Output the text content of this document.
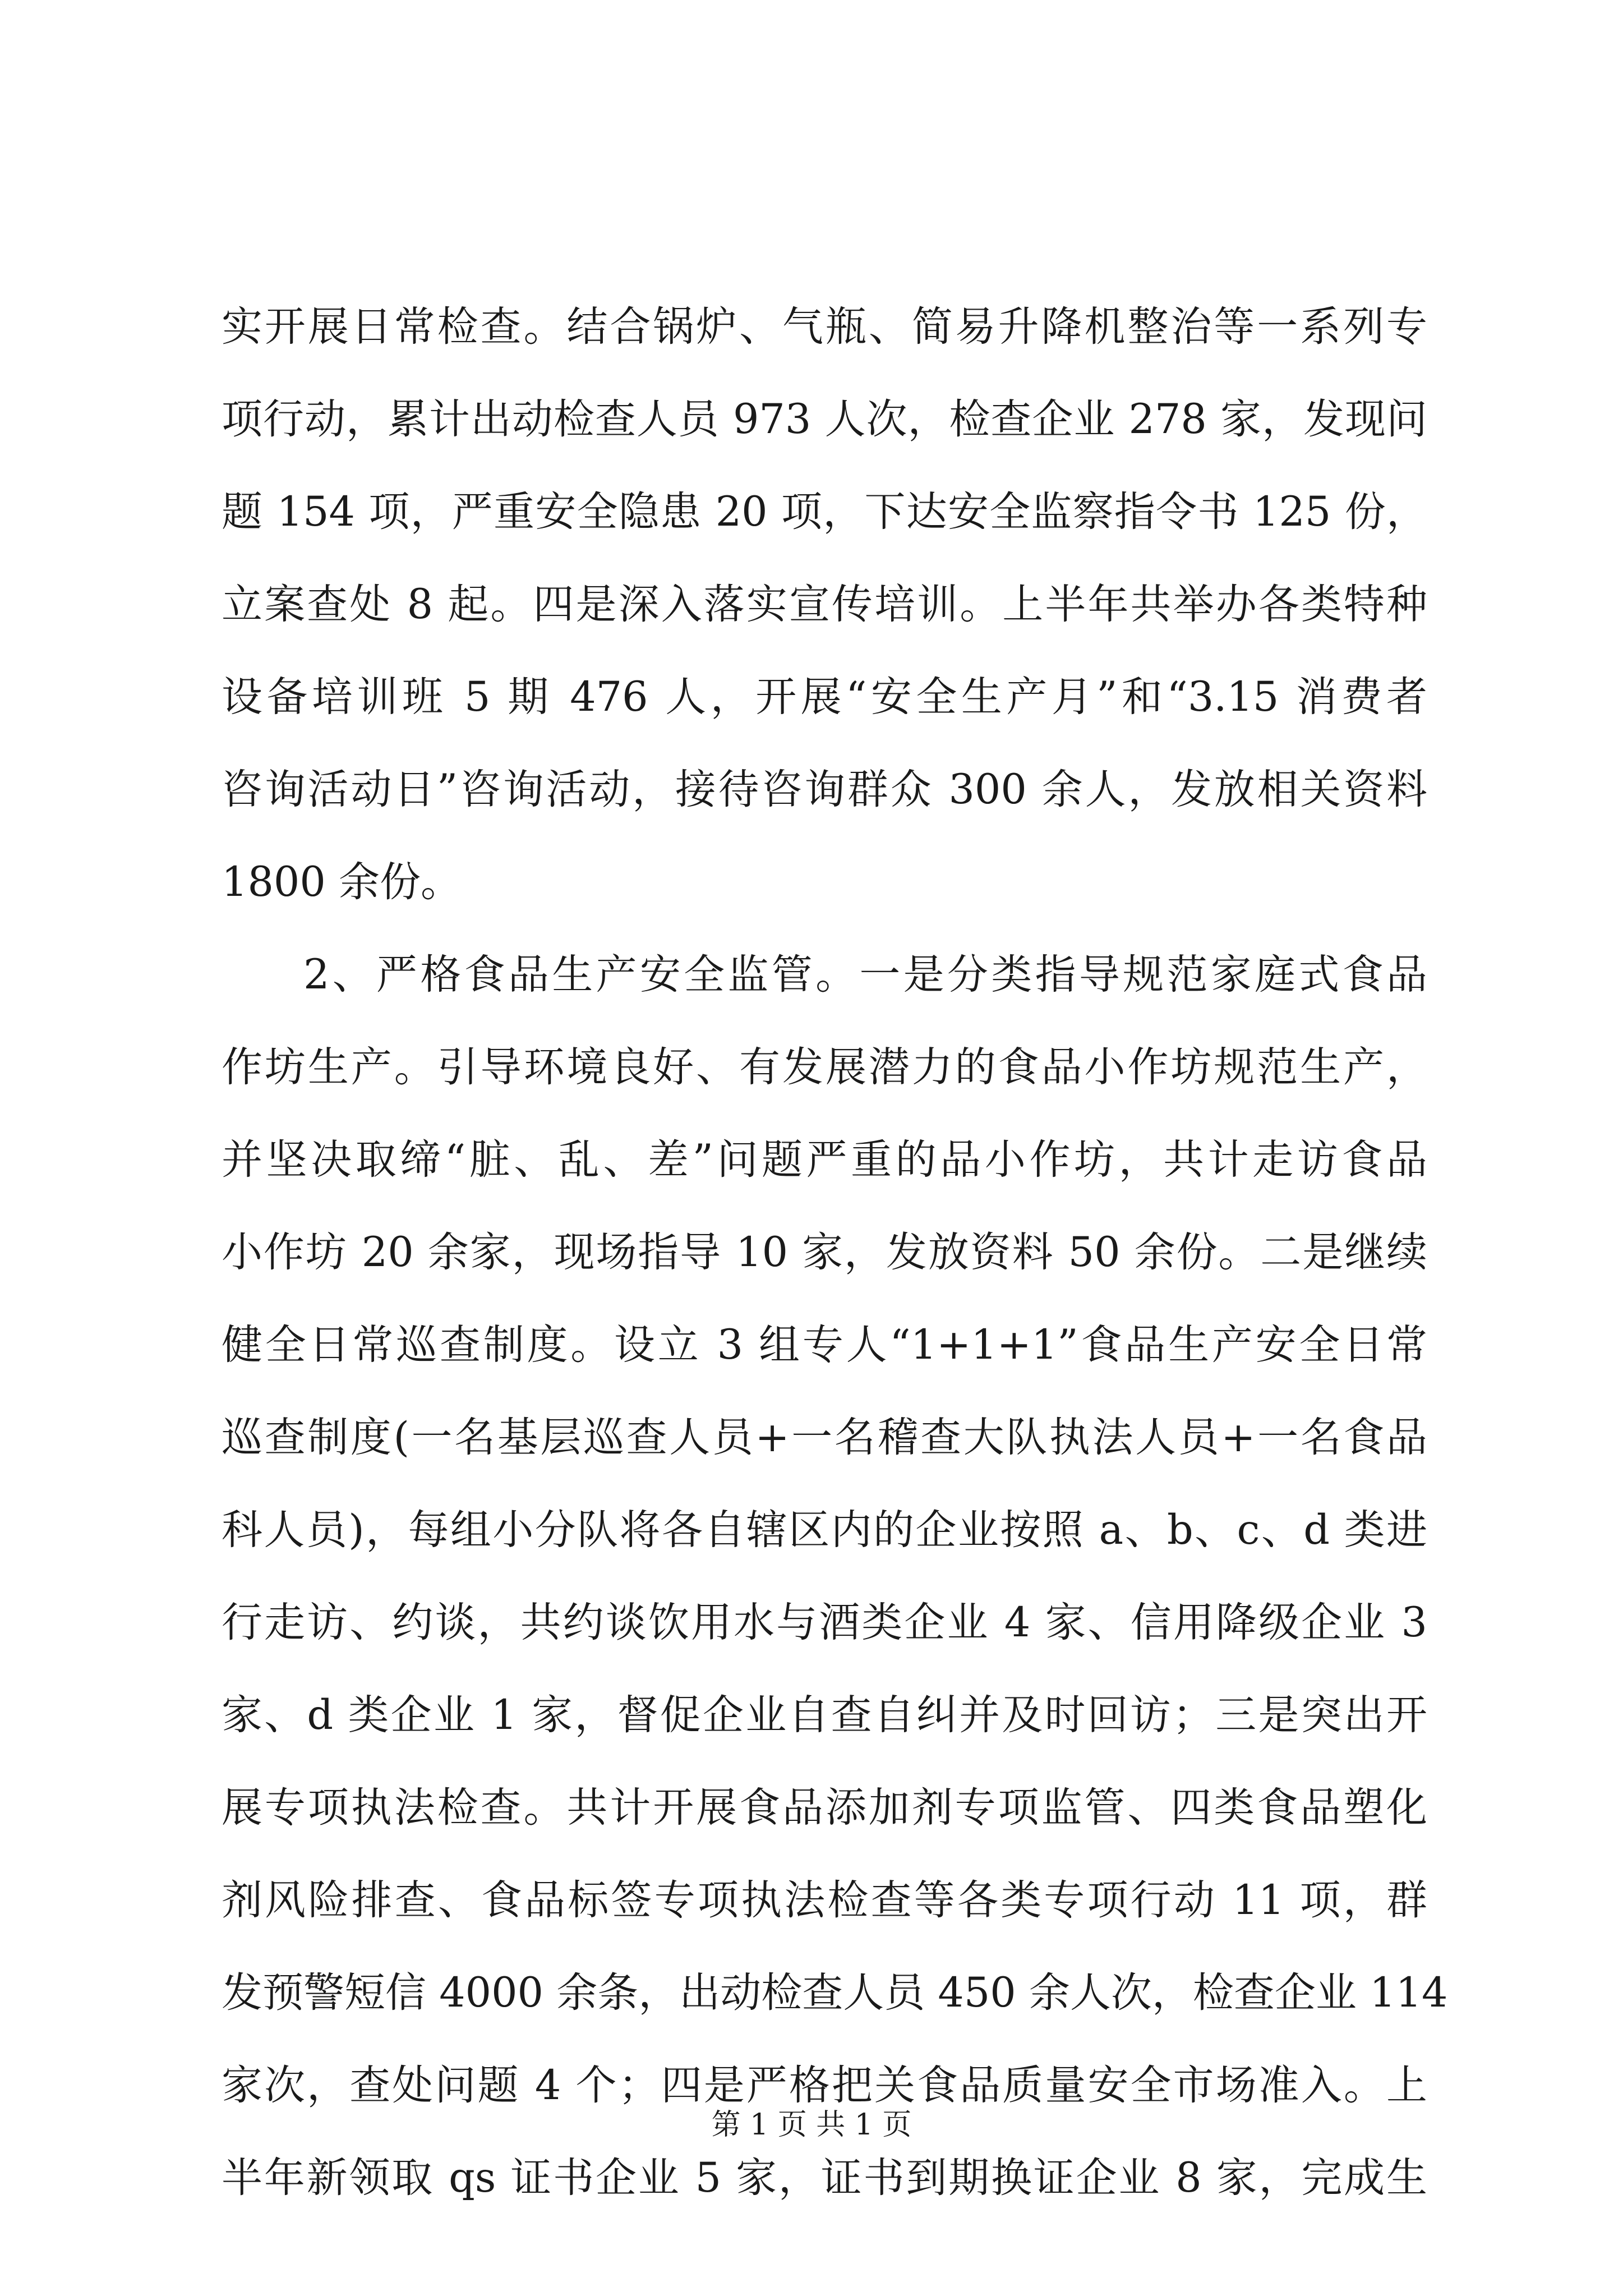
实开展日常检查。结合锅炉、气瓶、简易升降机整治等一系列专
项行动，累计出动检查人员 973 人次，检查企业 278 家，发现问
题 154 项，严重安全隐患 20 项，下达安全监察指令书 125 份，
立案查处 8 起。四是深入落实宣传培训。上半年共举办各类特种
设备培训班 5 期 476 人，开展“安全生产月”和“3.15 消费者
咨询活动日”咨询活动，接待咨询群众 300 余人，发放相关资料
1800 余份。
2、严格食品生产安全监管。一是分类指导规范家庭式食品
作坊生产。引导环境良好、有发展潜力的食品小作坊规范生产，
并坚决取缔“脏、乱、差”问题严重的品小作坊，共计走访食品
小作坊 20 余家，现场指导 10 家，发放资料 50 余份。二是继续
健全日常巡查制度。设立 3 组专人“1+1+1”食品生产安全日常
巡查制度(一名基层巡查人员+一名稽查大队执法人员+一名食品
科人员)，每组小分队将各自辖区内的企业按照 a、b、c、d 类进
行走访、约谈，共约谈饮用水与酒类企业 4 家、信用降级企业 3
家、d 类企业 1 家，督促企业自查自纠并及时回访；三是突出开
展专项执法检查。共计开展食品添加剂专项监管、四类食品塑化
剂风险排查、食品标签专项执法检查等各类专项行动 11 项，群
发预警短信 4000 余条，出动检查人员 450 余人次，检查企业 114
家次，查处问题 4 个；四是严格把关食品质量安全市场准入。上
半年新领取 qs 证书企业 5 家，证书到期换证企业 8 家，完成生
第 1 页 共 1 页
